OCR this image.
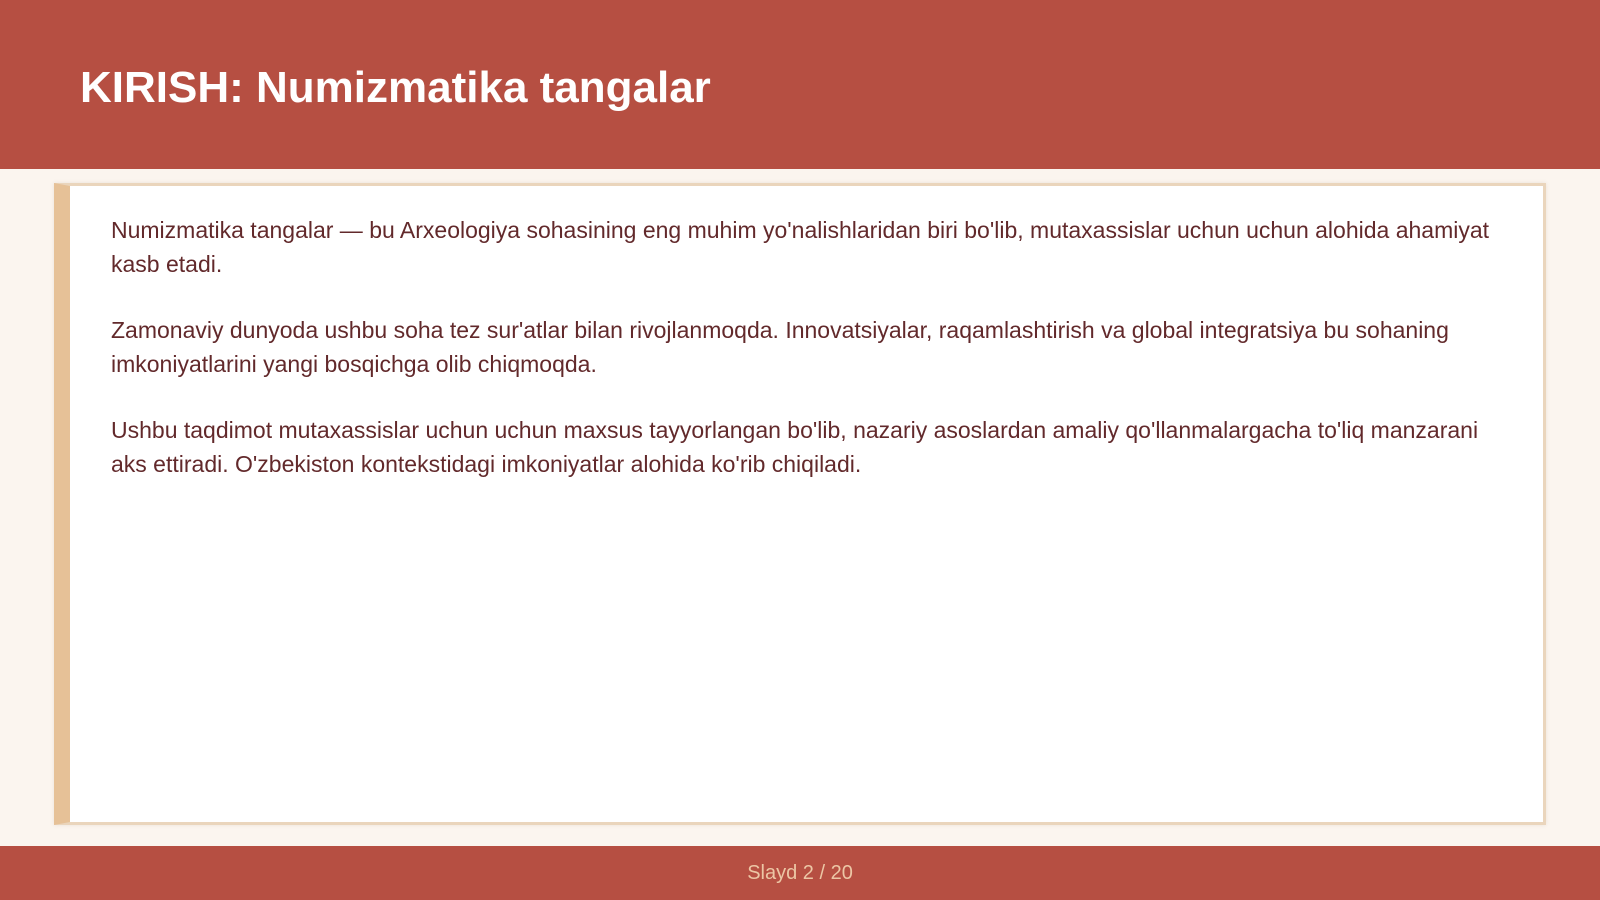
KIRISH: Numizmatika tangalar

Numizmatika tangalar — bu Arxeologiya sohasining eng muhim yo'nalishlaridan biri bo'lib, mutaxassislar uchun uchun alohida ahamiyat kasb etadi.

Zamonaviy dunyoda ushbu soha tez sur'atlar bilan rivojlanmoqda. Innovatsiyalar, raqamlashtirish va global integratsiya bu sohaning imkoniyatlarini yangi bosqichga olib chiqmoqda.

Ushbu taqdimot mutaxassislar uchun uchun maxsus tayyorlangan bo'lib, nazariy asoslardan amaliy qo'llanmalargacha to'liq manzarani aks ettiradi. O'zbekiston kontekstidagi imkoniyatlar alohida ko'rib chiqiladi.

Slayd 2 / 20
